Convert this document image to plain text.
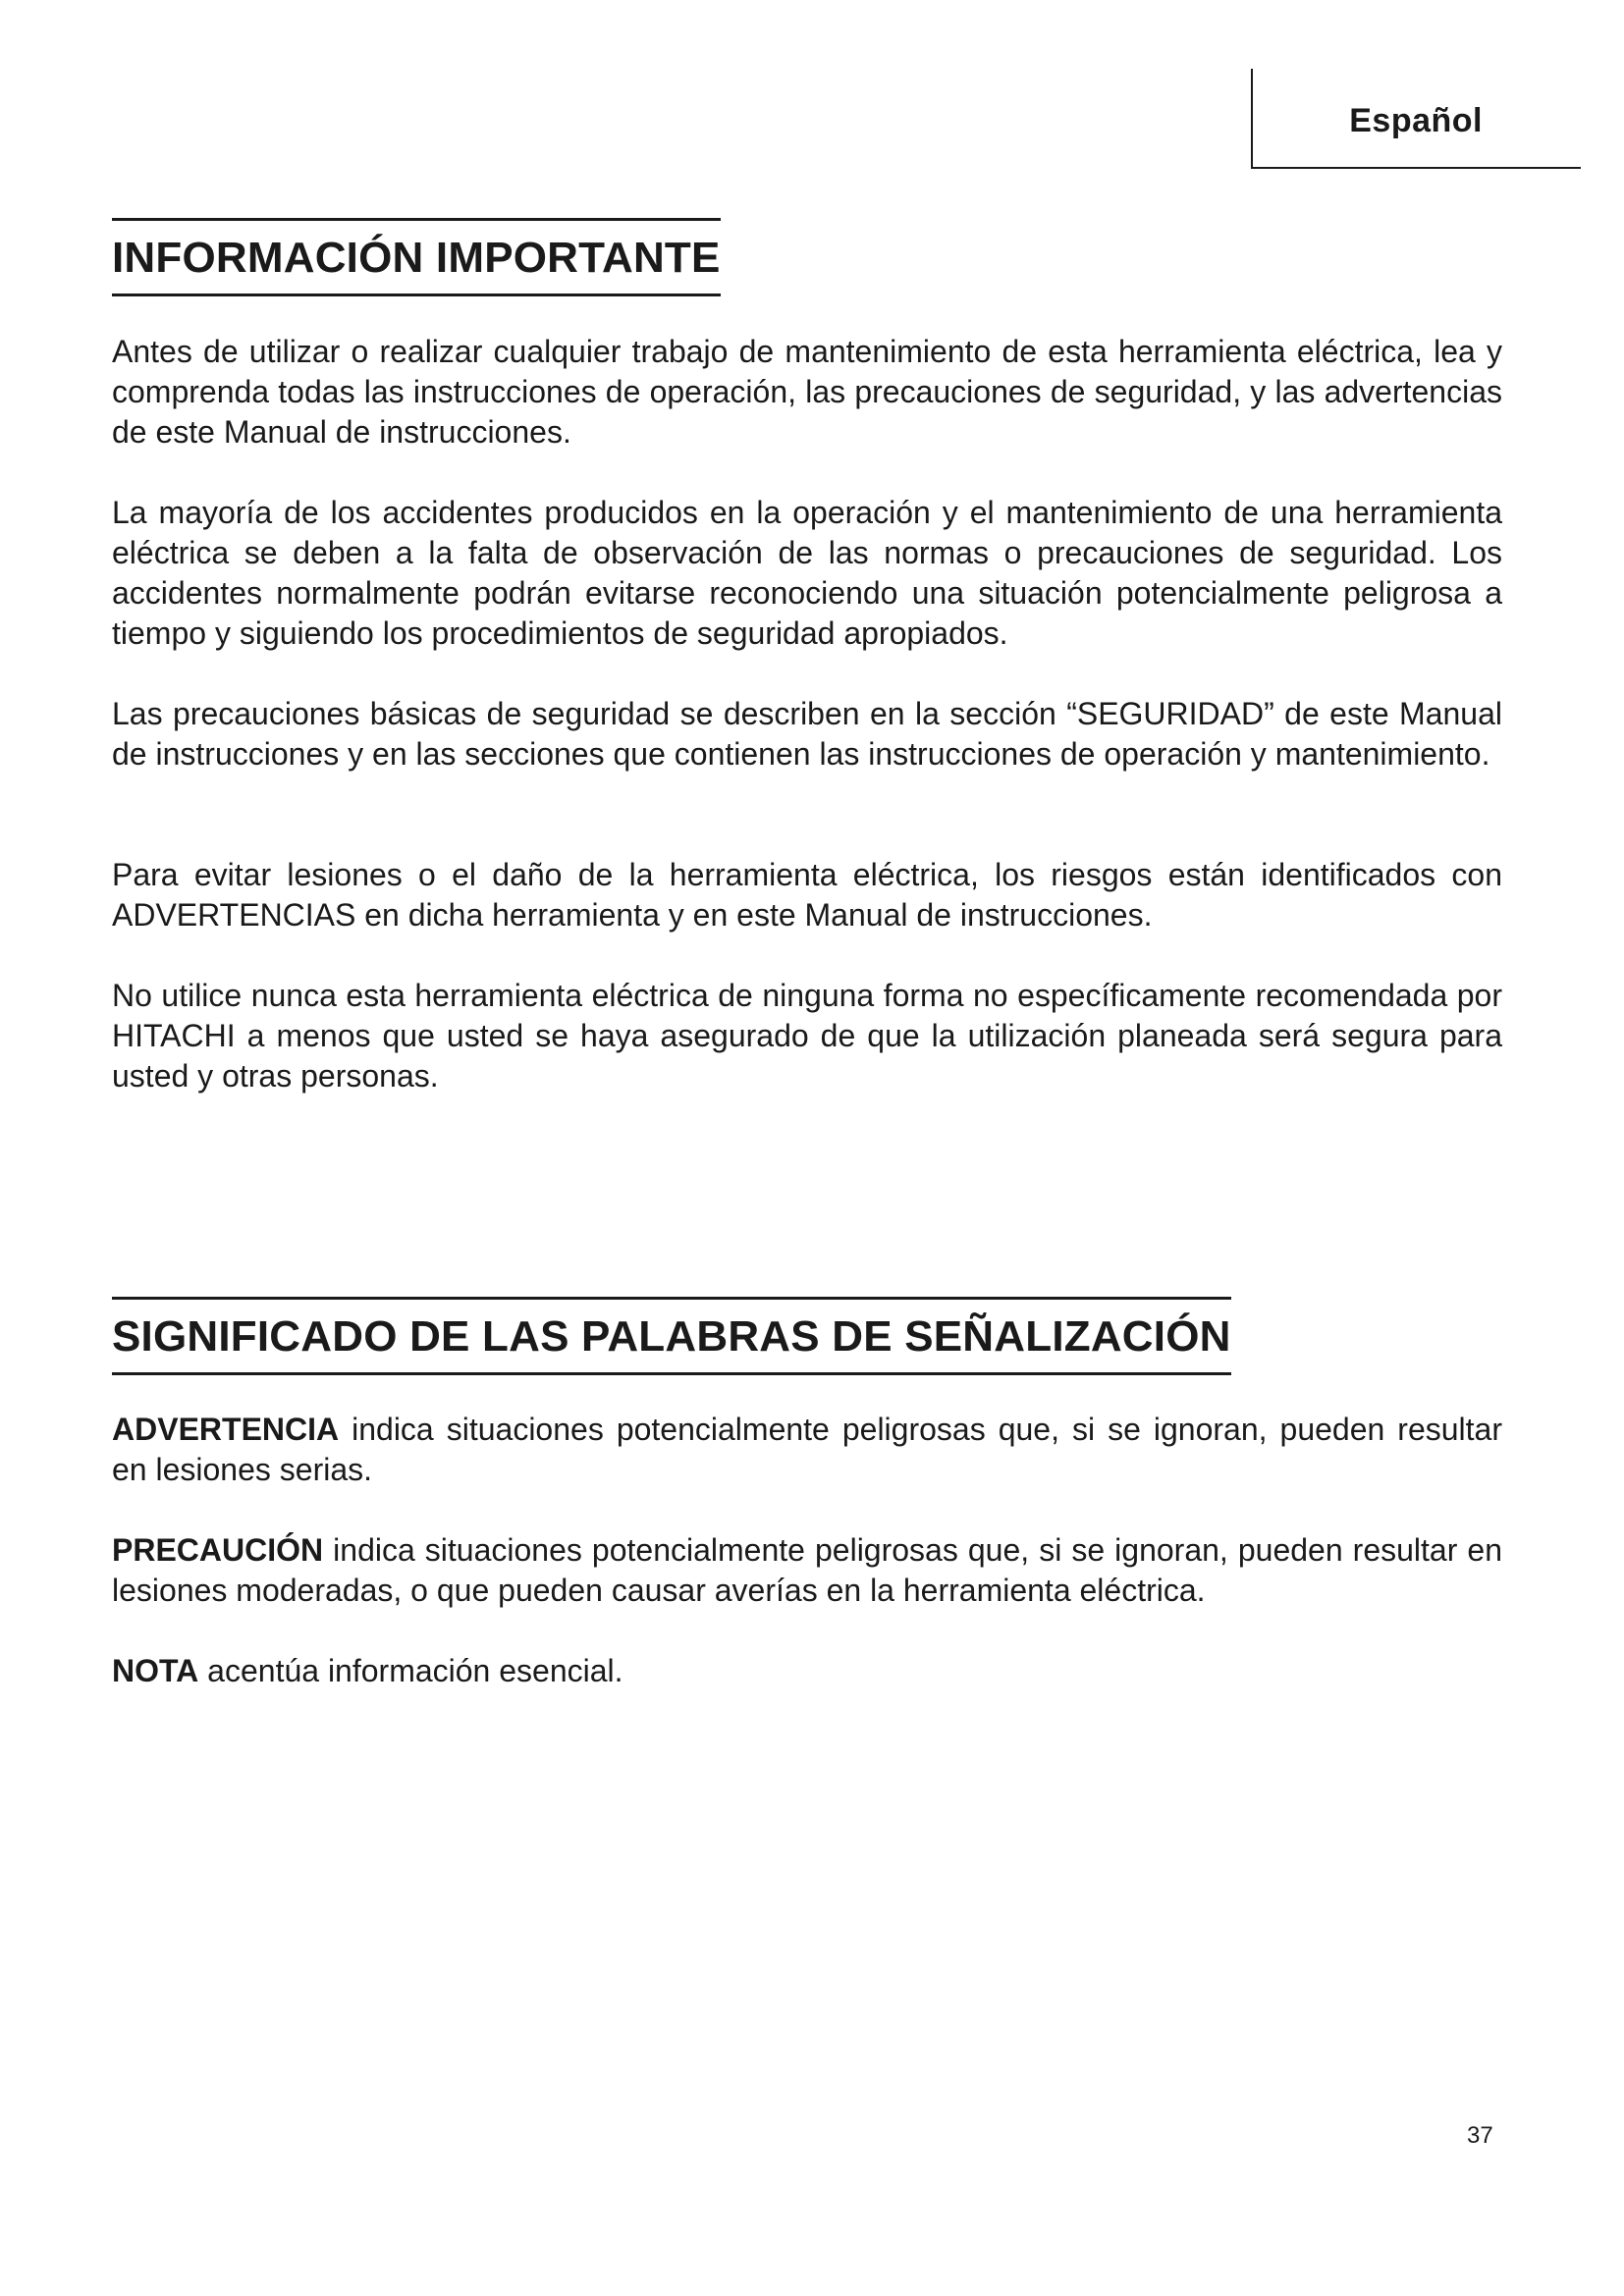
Español
INFORMACIÓN IMPORTANTE

Antes de utilizar o realizar cualquier trabajo de mantenimiento de esta herramienta eléctrica, lea y comprenda todas las instrucciones de operación, las precauciones de seguridad, y las advertencias de este Manual de instrucciones.

La mayoría de los accidentes producidos en la operación y el mantenimiento de una herramienta eléctrica se deben a la falta de observación de las normas o precauciones de seguridad. Los accidentes normalmente podrán evitarse reconociendo una situación potencialmente peligrosa a tiempo y siguiendo los procedimientos de seguridad apropiados.

Las precauciones básicas de seguridad se describen en la sección “SEGURIDAD” de este Manual de instrucciones y en las secciones que contienen las instrucciones de operación y mantenimiento.

Para evitar lesiones o el daño de la herramienta eléctrica, los riesgos están identificados con ADVERTENCIAS en dicha herramienta y en este Manual de instrucciones.

No utilice nunca esta herramienta eléctrica de ninguna forma no específicamente recomendada por HITACHI a menos que usted se haya asegurado de que la utilización planeada será segura para usted y otras personas.

SIGNIFICADO DE LAS PALABRAS DE SEÑALIZACIÓN

ADVERTENCIA indica situaciones potencialmente peligrosas que, si se ignoran, pueden resultar en lesiones serias.

PRECAUCIÓN indica situaciones potencialmente peligrosas que, si se ignoran, pueden resultar en lesiones moderadas, o que pueden causar averías en la herramienta eléctrica.

NOTA acentúa información esencial.

37
